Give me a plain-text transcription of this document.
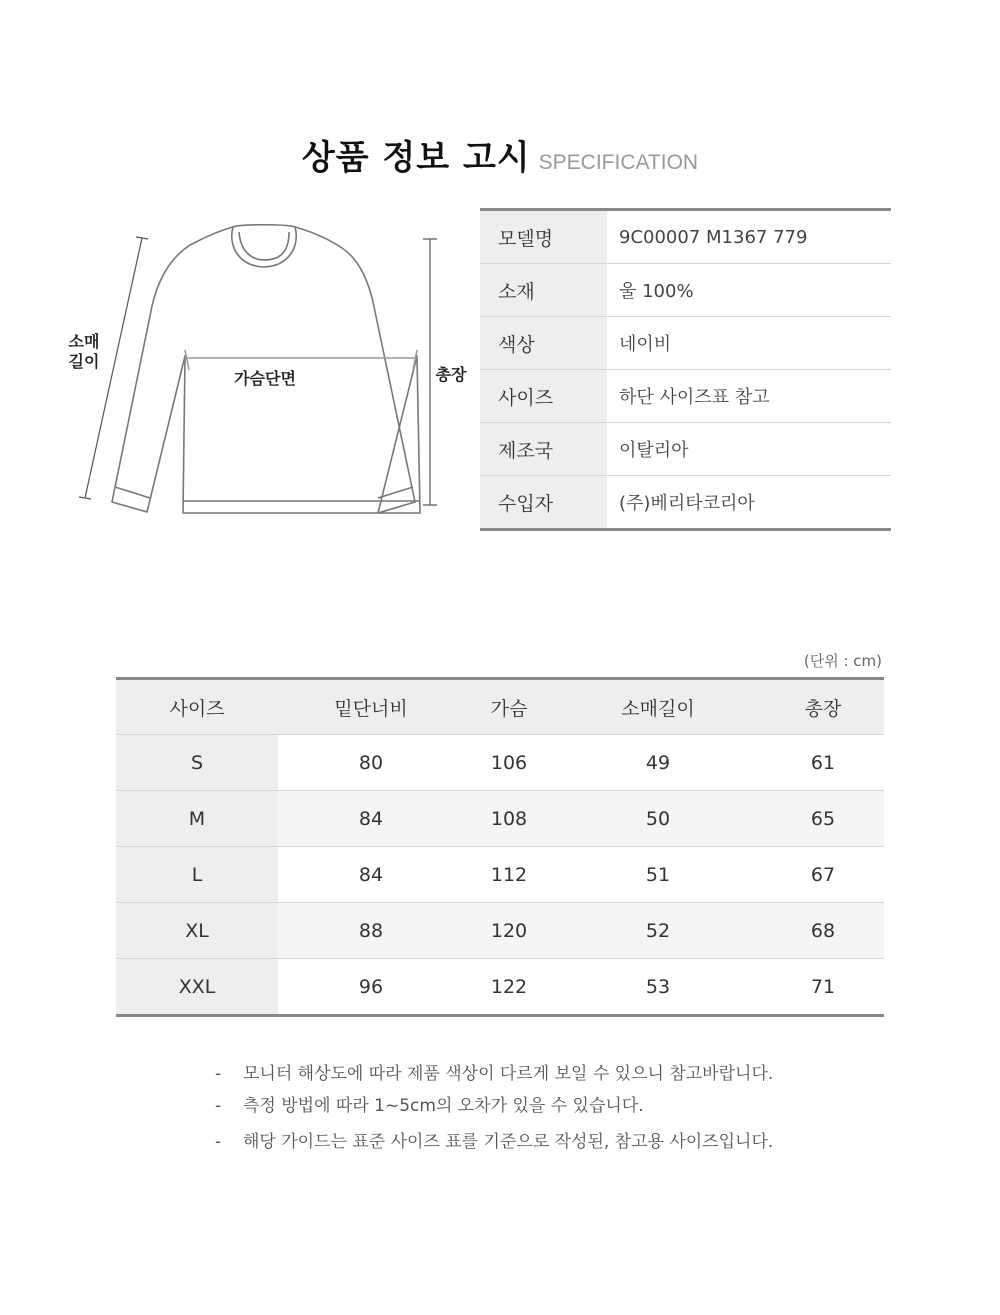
상품 정보 고시 SPECIFICATION
소매
길이
가슴단면	총장
모델명	9C00007 M1367 779

소재	울 100%

색상	네이비

사이즈	하단 사이즈표 참고

제조국	이탈리아

수입자	(주)베리타코리아
(단위 : cm)
사이즈	밑단너비	가슴	소매길이	총장
S	80	106	49	61
M	84	108	50	65
L	84	112	51	67
XL	88	120	52	68
XXL	96	122	53	71
- 모니터 해상도에 따라 제품 색상이 다르게 보일 수 있으니 참고바랍니다.
- 측정 방법에 따라 1~5cm의 오차가 있을 수 있습니다.
- 해당 가이드는 표준 사이즈 표를 기준으로 작성된, 참고용 사이즈입니다.
